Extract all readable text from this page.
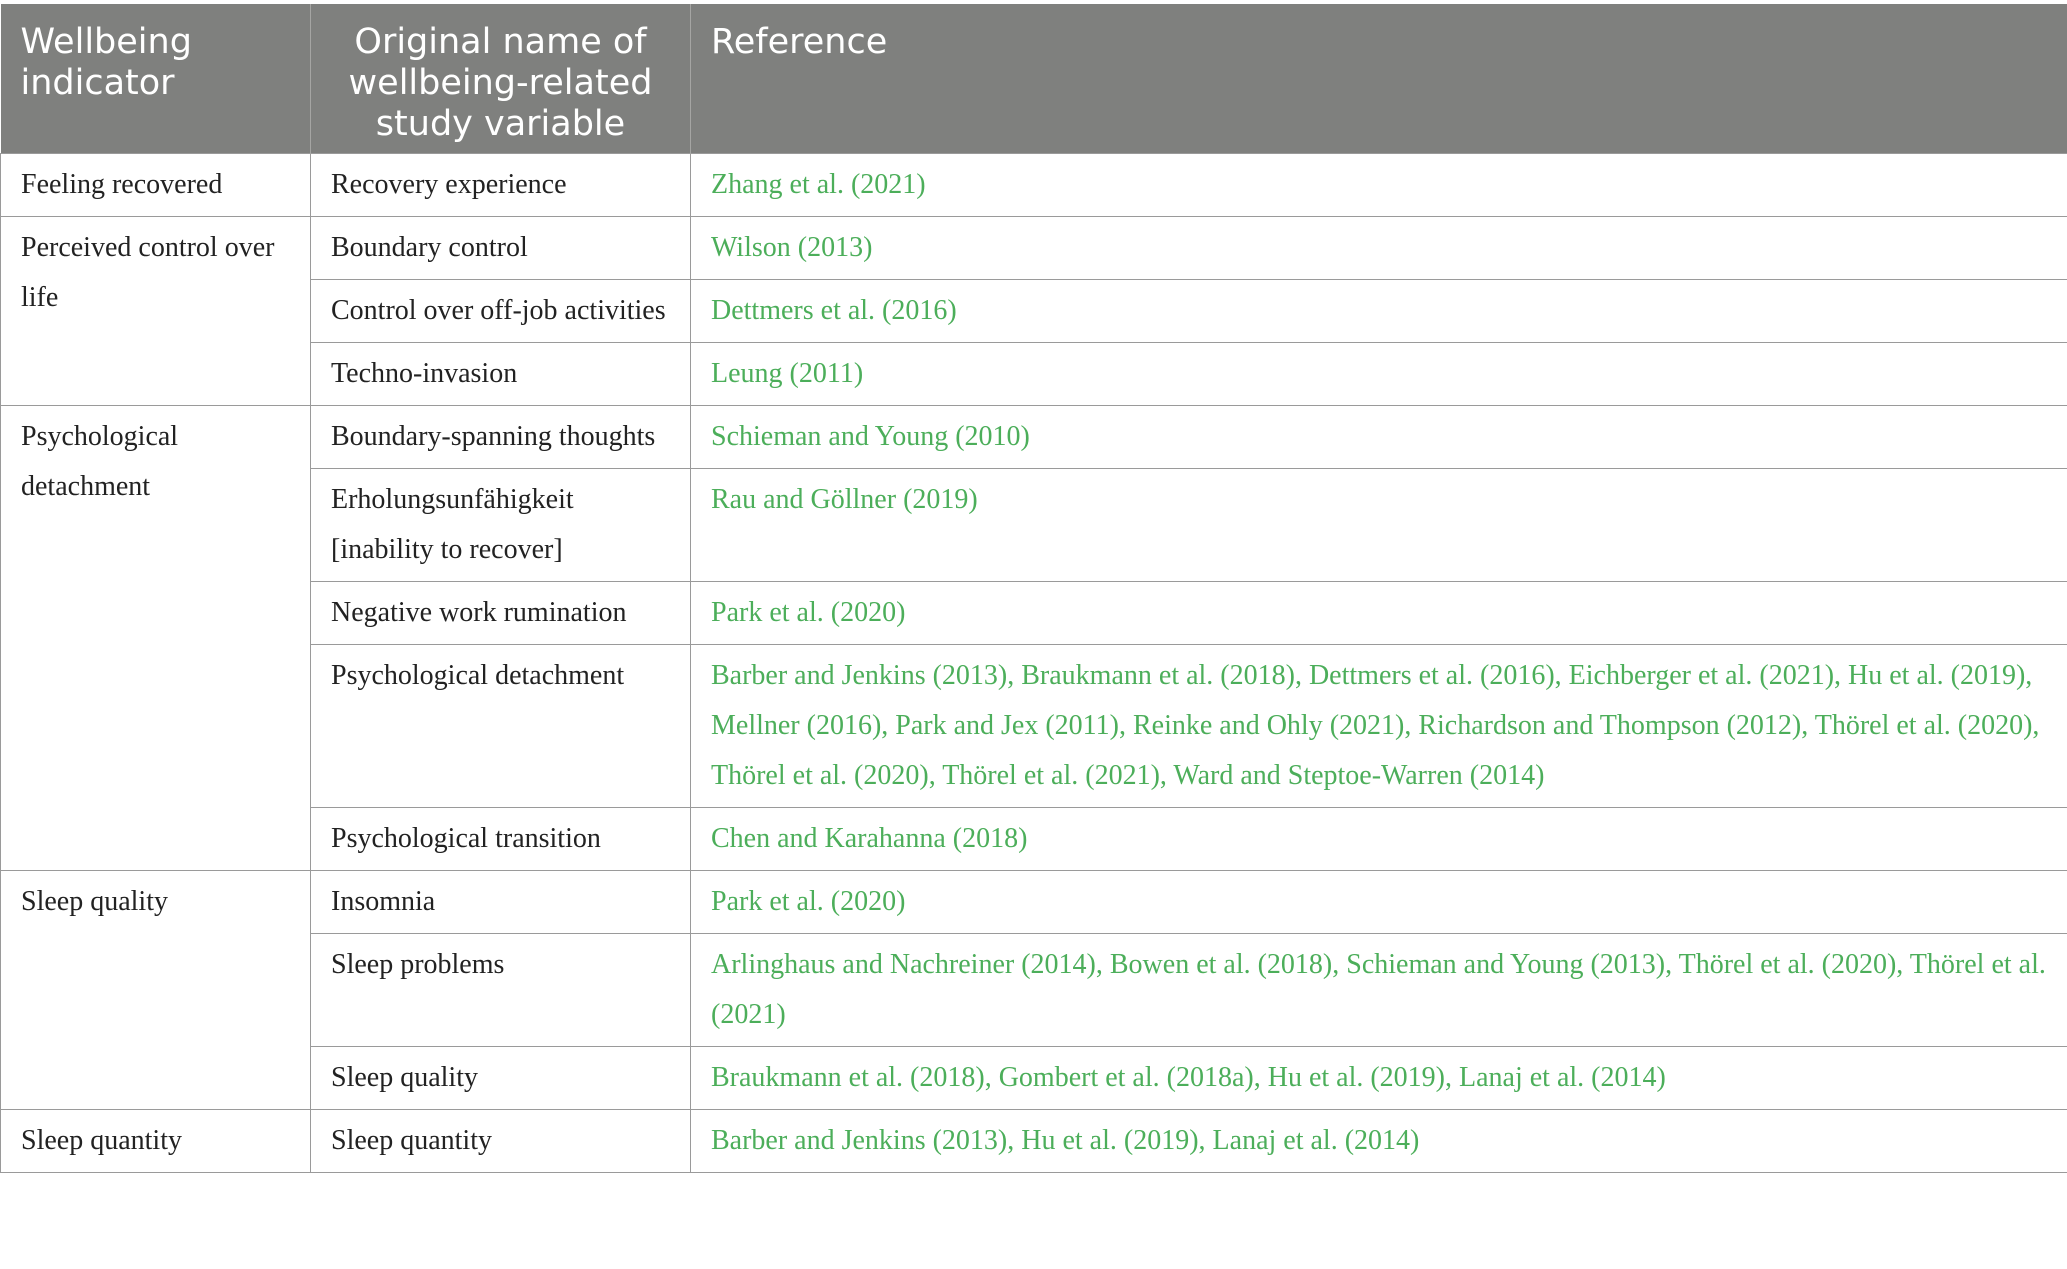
Wellbeing indicator	Original name of wellbeing-related study variable	Reference
Feeling recovered	Recovery experience	Zhang et al. (2021)
Perceived control over life	Boundary control	Wilson (2013)
	Control over off-job activities	Dettmers et al. (2016)
	Techno-invasion	Leung (2011)
Psychological detachment	Boundary-spanning thoughts	Schieman and Young (2010)
	Erholungsunfähigkeit [inability to recover]	Rau and Göllner (2019)
	Negative work rumination	Park et al. (2020)
	Psychological detachment	Barber and Jenkins (2013), Braukmann et al. (2018), Dettmers et al. (2016), Eichberger et al. (2021), Hu et al. (2019), Mellner (2016), Park and Jex (2011), Reinke and Ohly (2021), Richardson and Thompson (2012), Thörel et al. (2020), Thörel et al. (2020), Thörel et al. (2021), Ward and Steptoe-Warren (2014)
	Psychological transition	Chen and Karahanna (2018)
Sleep quality	Insomnia	Park et al. (2020)
	Sleep problems	Arlinghaus and Nachreiner (2014), Bowen et al. (2018), Schieman and Young (2013), Thörel et al. (2020), Thörel et al. (2021)
	Sleep quality	Braukmann et al. (2018), Gombert et al. (2018a), Hu et al. (2019), Lanaj et al. (2014)
Sleep quantity	Sleep quantity	Barber and Jenkins (2013), Hu et al. (2019), Lanaj et al. (2014)
